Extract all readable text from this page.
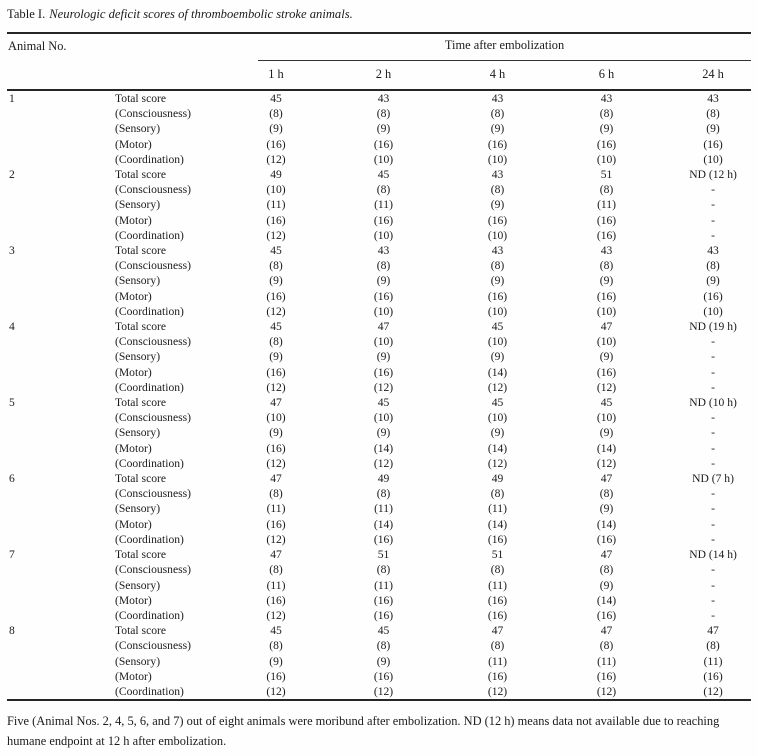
Table I. Neurologic deficit scores of thromboembolic stroke animals.
Animal No.		Time after embolization				

		1 h	2 h	4 h	6 h	24 h
1	Total score	45	43	43	43	43
	(Consciousness)	(8)	(8)	(8)	(8)	(8)
	(Sensory)	(9)	(9)	(9)	(9)	(9)
	(Motor)	(16)	(16)	(16)	(16)	(16)
	(Coordination)	(12)	(10)	(10)	(10)	(10)
2	Total score	49	45	43	51	ND (12 h)
	(Consciousness)	(10)	(8)	(8)	(8)	-
	(Sensory)	(11)	(11)	(9)	(11)	-
	(Motor)	(16)	(16)	(16)	(16)	-
	(Coordination)	(12)	(10)	(10)	(16)	-
3	Total score	45	43	43	43	43
	(Consciousness)	(8)	(8)	(8)	(8)	(8)
	(Sensory)	(9)	(9)	(9)	(9)	(9)
	(Motor)	(16)	(16)	(16)	(16)	(16)
	(Coordination)	(12)	(10)	(10)	(10)	(10)
4	Total score	45	47	45	47	ND (19 h)
	(Consciousness)	(8)	(10)	(10)	(10)	-
	(Sensory)	(9)	(9)	(9)	(9)	-
	(Motor)	(16)	(16)	(14)	(16)	-
	(Coordination)	(12)	(12)	(12)	(12)	-
5	Total score	47	45	45	45	ND (10 h)
	(Consciousness)	(10)	(10)	(10)	(10)	-
	(Sensory)	(9)	(9)	(9)	(9)	-
	(Motor)	(16)	(14)	(14)	(14)	-
	(Coordination)	(12)	(12)	(12)	(12)	-
6	Total score	47	49	49	47	ND (7 h)
	(Consciousness)	(8)	(8)	(8)	(8)	-
	(Sensory)	(11)	(11)	(11)	(9)	-
	(Motor)	(16)	(14)	(14)	(14)	-
	(Coordination)	(12)	(16)	(16)	(16)	-
7	Total score	47	51	51	47	ND (14 h)
	(Consciousness)	(8)	(8)	(8)	(8)	-
	(Sensory)	(11)	(11)	(11)	(9)	-
	(Motor)	(16)	(16)	(16)	(14)	-
	(Coordination)	(12)	(16)	(16)	(16)	-
8	Total score	45	45	47	47	47
	(Consciousness)	(8)	(8)	(8)	(8)	(8)
	(Sensory)	(9)	(9)	(11)	(11)	(11)
	(Motor)	(16)	(16)	(16)	(16)	(16)
	(Coordination)	(12)	(12)	(12)	(12)	(12)
Five (Animal Nos. 2, 4, 5, 6, and 7) out of eight animals were moribund after embolization. ND (12 h) means data not available due to reaching humane endpoint at 12 h after embolization.
